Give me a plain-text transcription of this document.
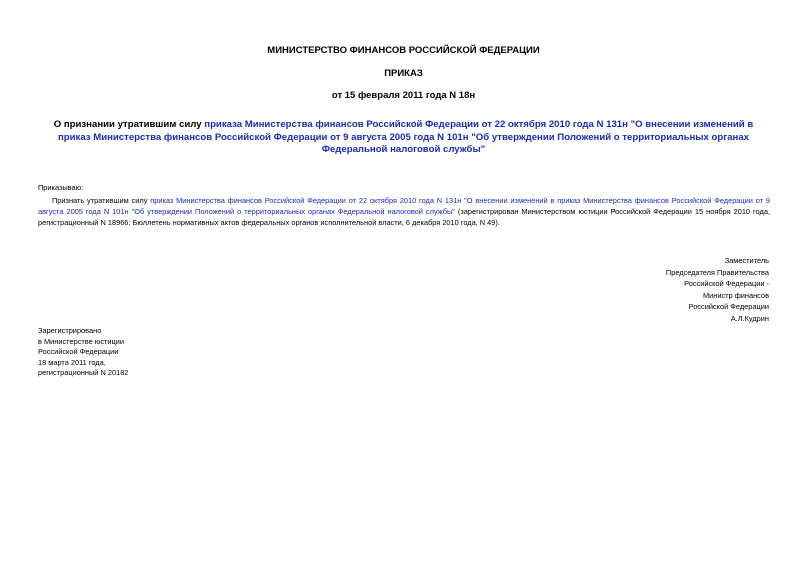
МИНИСТЕРСТВО ФИНАНСОВ РОССИЙСКОЙ ФЕДЕРАЦИИ
ПРИКАЗ
от 15 февраля 2011 года N 18н
О признании утратившим силу приказа Министерства финансов Российской Федерации от 22 октября 2010 года N 131н "О внесении изменений в приказ Министерства финансов Российской Федерации от 9 августа 2005 года N 101н "Об утверждении Положений о территориальных органах Федеральной налоговой службы"
Приказываю:
Признать утратившим силу приказ Министерства финансов Российской Федерации от 22 октября 2010 года N 131н "О внесении изменений в приказ Министерства финансов Российской Федерации от 9 августа 2005 года N 101н "Об утверждении Положений о территориальных органах Федеральной налоговой службы" (зарегистрирован Министерством юстиции Российской Федерации 15 ноября 2010 года, регистрационный N 18966; Бюллетень нормативных актов федеральных органов исполнительной власти, 6 декабря 2010 года, N 49).
Заместитель
Председателя Правительства
Российской Федерации -
Министр финансов
Российской Федерации
А.Л.Кудрин
Зарегистрировано
в Министерстве юстиции
Российской Федерации
18 марта 2011 года,
регистрационный N 20182
